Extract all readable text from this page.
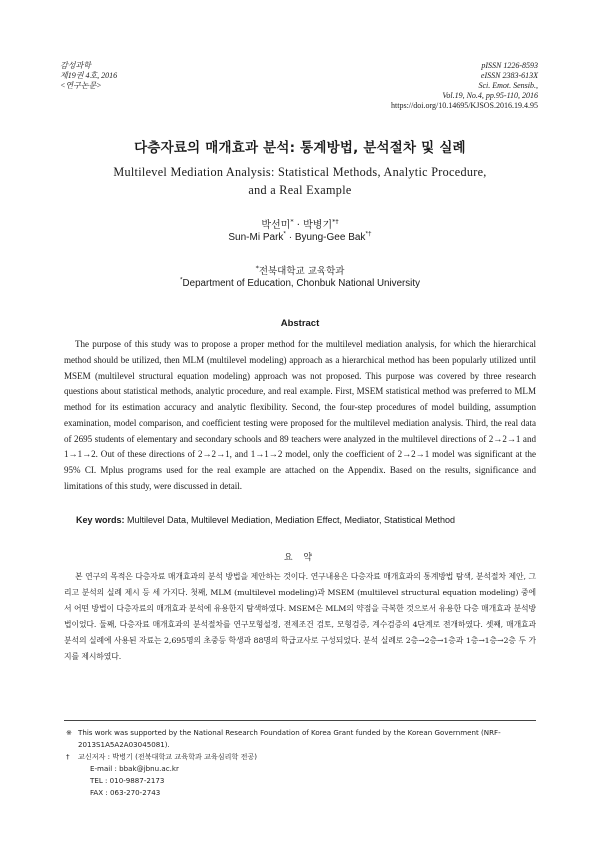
감성과학
제19권 4호, 2016
<연구논문>
pISSN 1226-8593
eISSN 2383-613X
Sci. Emot. Sensib.,
Vol.19, No.4, pp.95-110, 2016
https://doi.org/10.14695/KJSOS.2016.19.4.95
다층자료의 매개효과 분석: 통계방법, 분석절차 및 실례
Multilevel Mediation Analysis: Statistical Methods, Analytic Procedure,
and a Real Example
박선미* · 박병기*†
Sun-Mi Park* · Byung-Gee Bak*†
*전북대학교 교육학과
*Department of Education, Chonbuk National University
Abstract

The purpose of this study was to propose a proper method for the multilevel mediation analysis, for which the hierarchical method should be utilized, then MLM (multilevel modeling) approach as a hierarchical method has been popularly utilized until MSEM (multilevel structural equation modeling) approach was not proposed. This purpose was covered by three research questions about statistical methods, analytic procedure, and real example. First, MSEM statistical method was preferred to MLM method for its estimation accuracy and analytic flexibility. Second, the four-step procedures of model building, assumption examination, model comparison, and coefficient testing were proposed for the multilevel mediation analysis. Third, the real data of 2695 students of elementary and secondary schools and 89 teachers were analyzed in the multilevel directions of 2→2→1 and 1→1→2. Out of these directions of 2→2→1, and 1→1→2 model, only the coefficient of 2→2→1 model was significant at the 95% CI. Mplus programs used for the real example are attached on the Appendix. Based on the results, significance and limitations of this study, were discussed in detail.

Key words: Multilevel Data, Multilevel Mediation, Mediation Effect, Mediator, Statistical Method
요 약

본 연구의 목적은 다층자료 매개효과의 분석 방법을 제안하는 것이다. 연구내용은 다층자료 매개효과의 통계방법 탐색, 분석절차 제안, 그리고 분석의 실례 제시 등 세 가지다. 첫째, MLM (multilevel modeling)과 MSEM (multilevel structural equation modeling) 중에서 어떤 방법이 다층자료의 매개효과 분석에 유용한지 탐색하였다. MSEM은 MLM의 약점을 극복한 것으로서 유용한 다층 매개효과 분석방법이었다. 둘째, 다층자료 매개효과의 분석절차를 연구모형설정, 전제조건 검토, 모형검증, 계수검증의 4단계로 전개하였다. 셋째, 매개효과 분석의 실례에 사용된 자료는 2,695명의 초중등 학생과 88명의 학급교사로 구성되었다. 분석 실례로 2층→2층→1층과 1층→1층→2층 두 가지를 제시하였다.

※ This work was supported by the National Research Foundation of Korea Grant funded by the Korean Government (NRF-2013S1A5A2A03045081).
† 교신저자 : 박병기 (전북대학교 교육학과 교육심리학 전공)
E-mail : bbak@jbnu.ac.kr
TEL : 010-9887-2173
FAX : 063-270-2743
